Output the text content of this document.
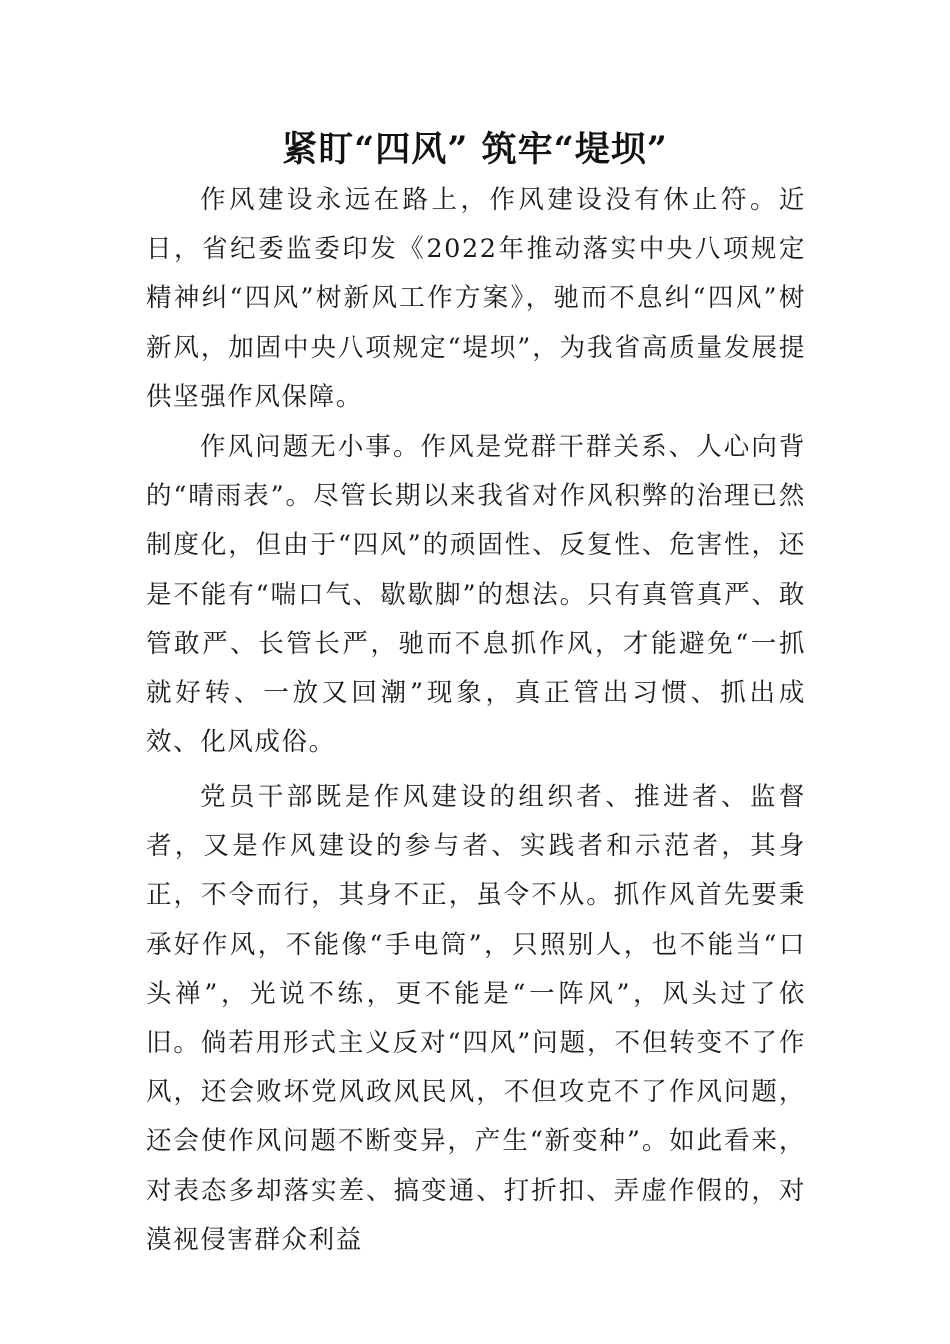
紧盯“四风” 筑牢“堤坝”

作风建设永远在路上，作风建设没有休止符。近日，省纪委监委印发《2022年推动落实中央八项规定精神纠“四风”树新风工作方案》，驰而不息纠“四风”树新风，加固中央八项规定“堤坝”，为我省高质量发展提供坚强作风保障。

作风问题无小事。作风是党群干群关系、人心向背的“晴雨表”。尽管长期以来我省对作风积弊的治理已然制度化，但由于“四风”的顽固性、反复性、危害性，还是不能有“喘口气、歇歇脚”的想法。只有真管真严、敢管敢严、长管长严，驰而不息抓作风，才能避免“一抓就好转、一放又回潮”现象，真正管出习惯、抓出成效、化风成俗。

党员干部既是作风建设的组织者、推进者、监督者，又是作风建设的参与者、实践者和示范者，其身正，不令而行，其身不正，虽令不从。抓作风首先要秉承好作风，不能像“手电筒”，只照别人，也不能当“口头禅”，光说不练，更不能是“一阵风”，风头过了依旧。倘若用形式主义反对“四风”问题，不但转变不了作风，还会败坏党风政风民风，不但攻克不了作风问题，还会使作风问题不断变异，产生“新变种”。如此看来，对表态多却落实差、搞变通、打折扣、弄虚作假的，对漠视侵害群众利益
